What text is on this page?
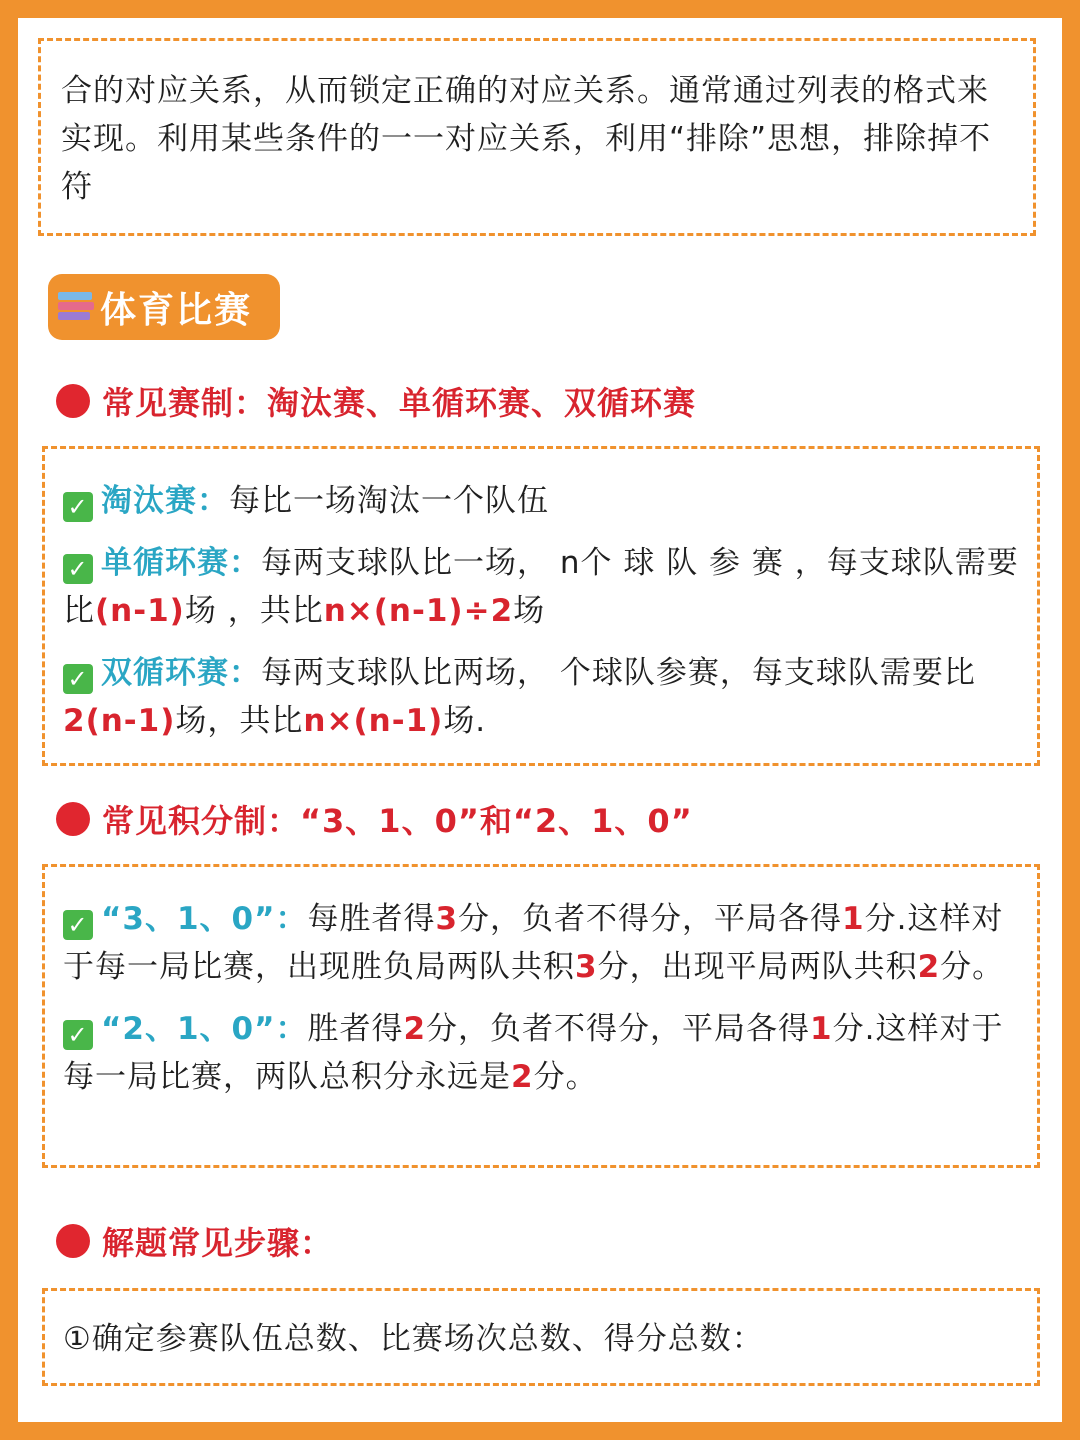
合的对应关系，从而锁定正确的对应关系。通常通过列表的格式来实现。利用某些条件的一一对应关系，利用“排除”思想，排除掉不符

体育比赛
常见赛制：淘汰赛、单循环赛、双循环赛

✓ 淘汰赛：每比一场淘汰一个队伍

✓ 单循环赛：每两支球队比一场， n个 球 队 参 赛 ，每支球队需要比(n-1)场 ，共比n×(n-1)÷2场

✓ 双循环赛：每两支球队比两场， 个球队参赛，每支球队需要比2(n-1)场，共比n×(n-1)场.

常见积分制：“3、1、0”和“2、1、0”

✓ “3、1、0”：每胜者得3分，负者不得分，平局各得1分.这样对于每一局比赛，出现胜负局两队共积3分，出现平局两队共积2分。

✓ “2、1、0”：胜者得2分，负者不得分，平局各得1分.这样对于每一局比赛，两队总积分永远是2分。

解题常见步骤：

①确定参赛队伍总数、比赛场次总数、得分总数：
